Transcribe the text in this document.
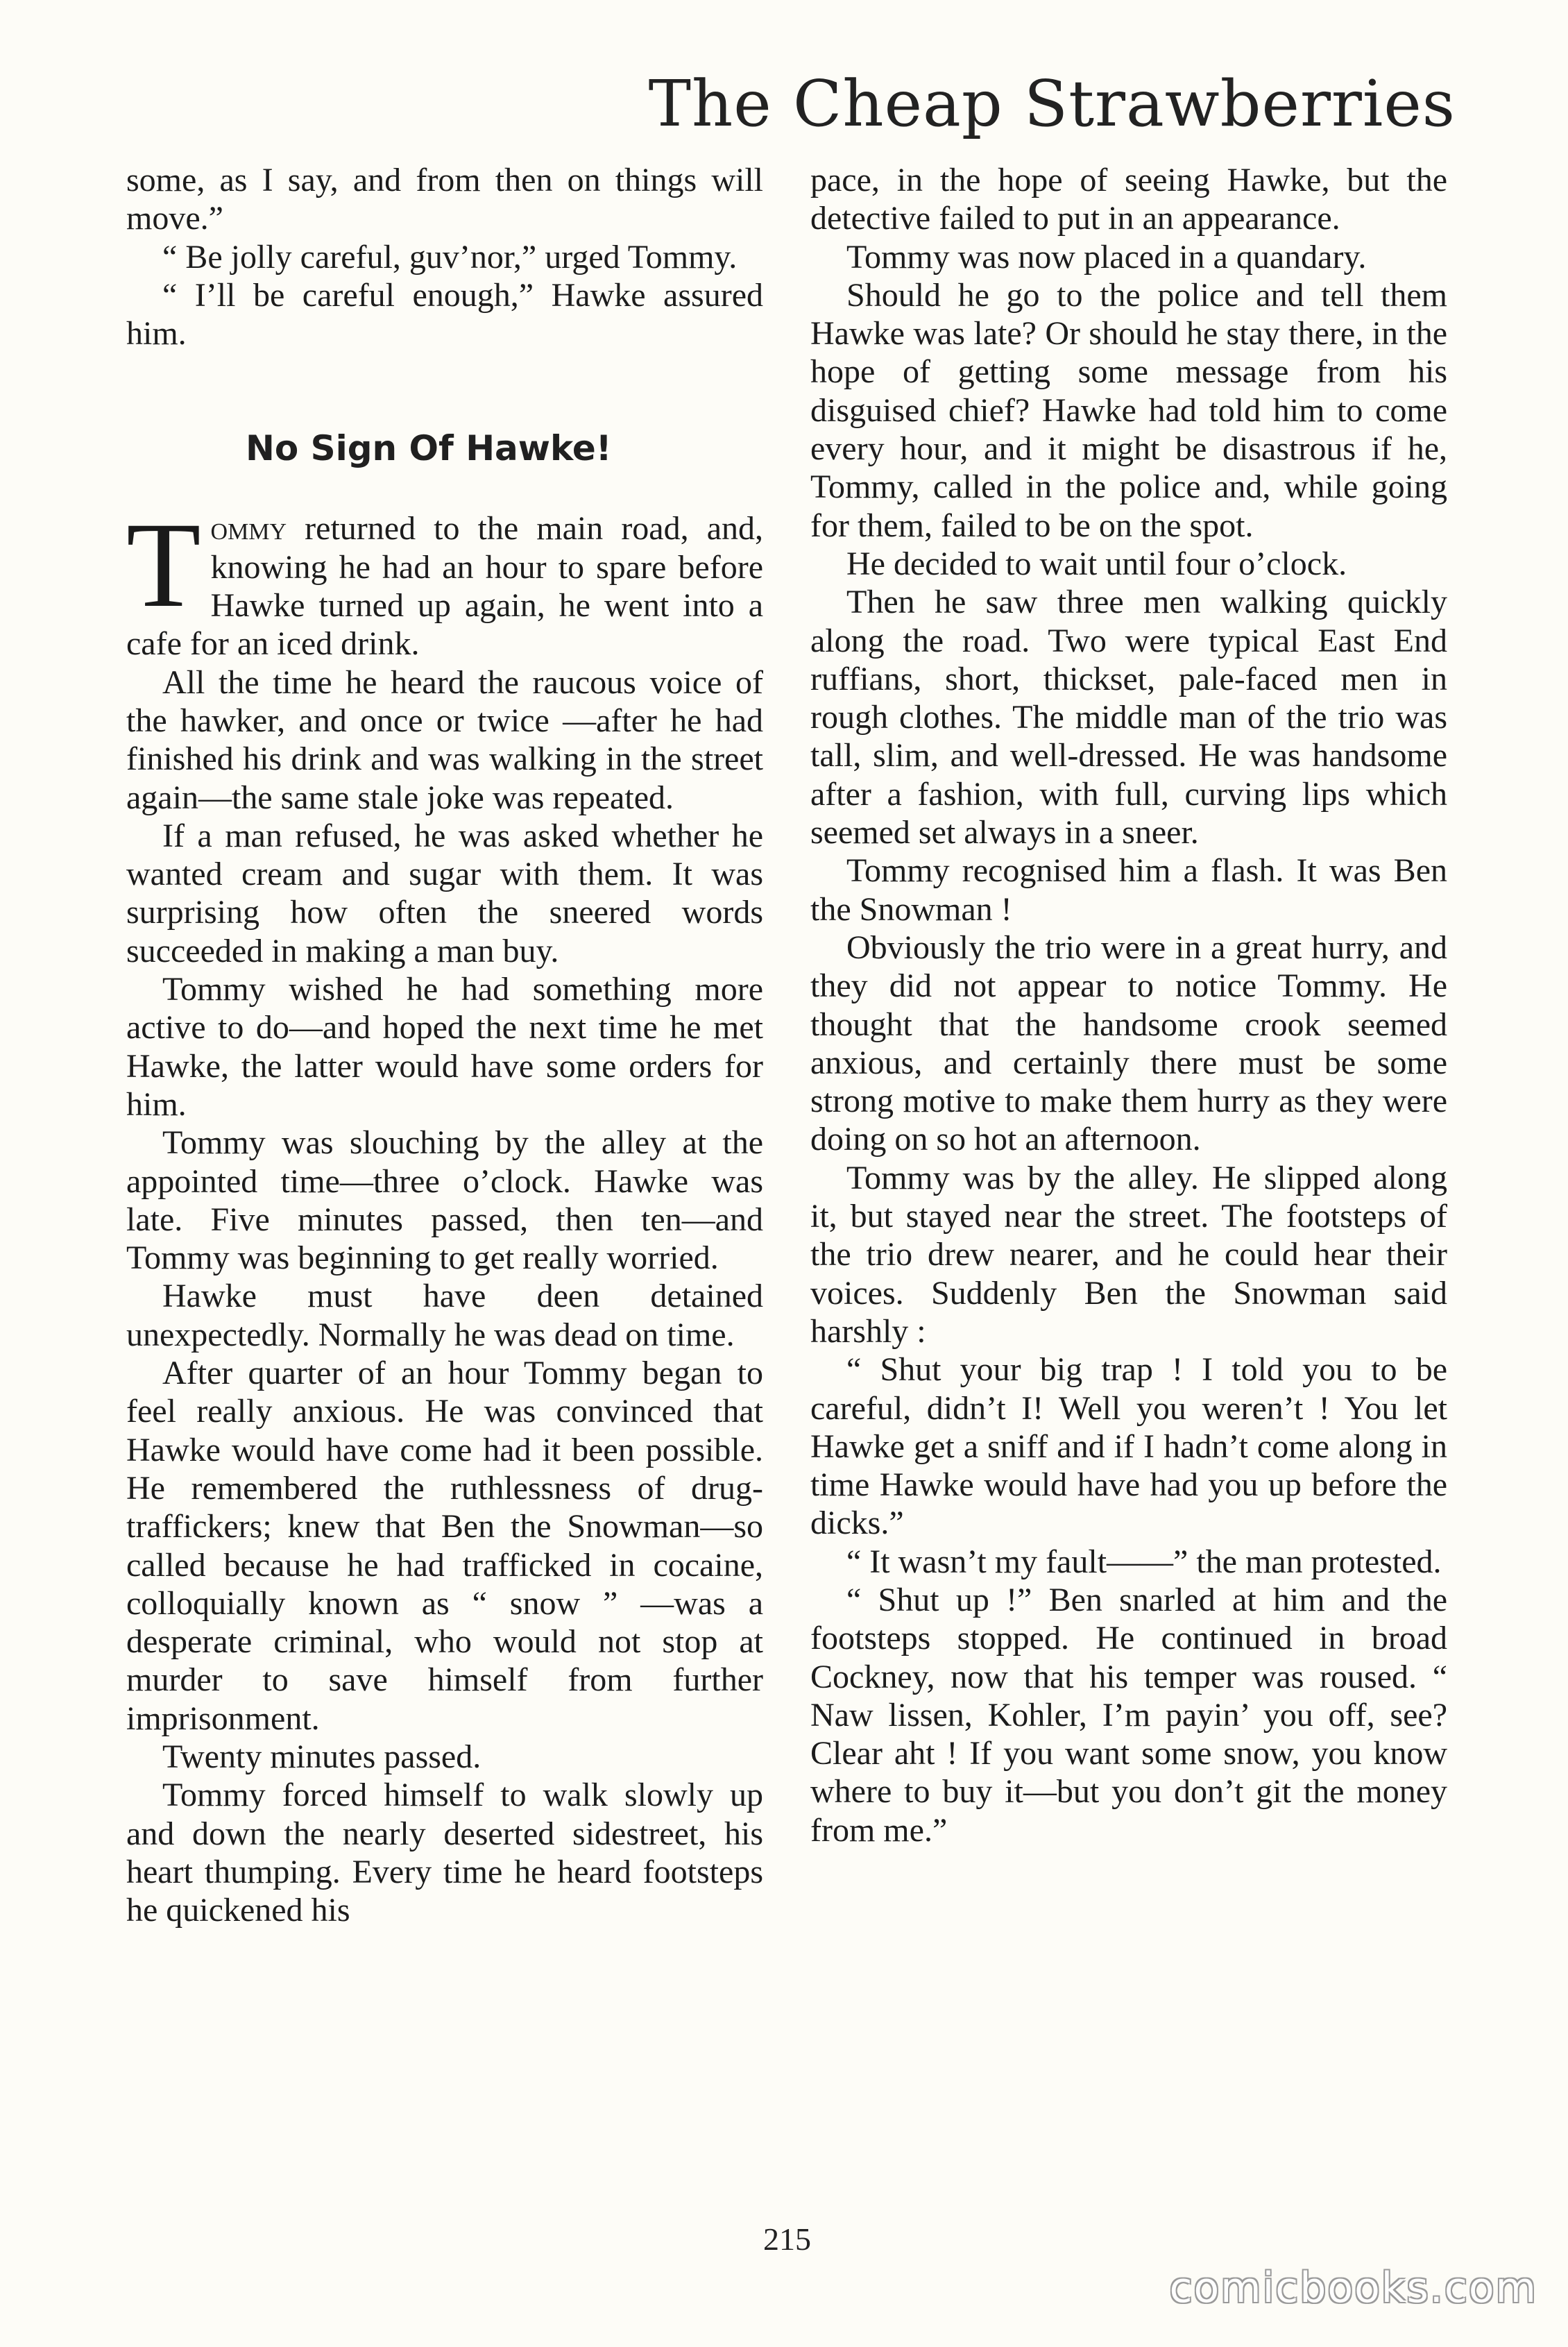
The Cheap Strawberries

some, as I say, and from then on things will move.”

“ Be jolly careful, guv’nor,” urged Tommy.

“ I’ll be careful enough,” Hawke assured him.

No Sign Of Hawke!

Tommy returned to the main road, and, knowing he had an hour to spare before Hawke turned up again, he went into a cafe for an iced drink.

All the time he heard the raucous voice of the hawker, and once or twice —after he had finished his drink and was walking in the street again—the same stale joke was repeated.

If a man refused, he was asked whether he wanted cream and sugar with them. It was surprising how often the sneered words succeeded in making a man buy.

Tommy wished he had something more active to do—and hoped the next time he met Hawke, the latter would have some orders for him.

Tommy was slouching by the alley at the appointed time—three o’clock. Hawke was late. Five minutes passed, then ten—and Tommy was beginning to get really worried.

Hawke must have deen detained unexpectedly. Normally he was dead on time.

After quarter of an hour Tommy began to feel really anxious. He was convinced that Hawke would have come had it been possible. He remembered the ruthlessness of drug-traffickers; knew that Ben the Snowman—so called because he had trafficked in cocaine, colloquially known as “ snow ” —was a desperate criminal, who would not stop at murder to save himself from further imprisonment.

Twenty minutes passed.

Tommy forced himself to walk slowly up and down the nearly deserted sidestreet, his heart thumping. Every time he heard footsteps he quickened his

pace, in the hope of seeing Hawke, but the detective failed to put in an appearance.

Tommy was now placed in a quandary.

Should he go to the police and tell them Hawke was late? Or should he stay there, in the hope of getting some message from his disguised chief? Hawke had told him to come every hour, and it might be disastrous if he, Tommy, called in the police and, while going for them, failed to be on the spot.

He decided to wait until four o’clock.

Then he saw three men walking quickly along the road. Two were typical East End ruffians, short, thickset, pale-faced men in rough clothes. The middle man of the trio was tall, slim, and well-dressed. He was handsome after a fashion, with full, curving lips which seemed set always in a sneer.

Tommy recognised him a flash. It was Ben the Snowman !

Obviously the trio were in a great hurry, and they did not appear to notice Tommy. He thought that the handsome crook seemed anxious, and certainly there must be some strong motive to make them hurry as they were doing on so hot an afternoon.

Tommy was by the alley. He slipped along it, but stayed near the street. The footsteps of the trio drew nearer, and he could hear their voices. Suddenly Ben the Snowman said harshly :

“ Shut your big trap ! I told you to be careful, didn’t I! Well you weren’t ! You let Hawke get a sniff and if I hadn’t come along in time Hawke would have had you up before the dicks.”

“ It wasn’t my fault——” the man protested.

“ Shut up !” Ben snarled at him and the footsteps stopped. He continued in broad Cockney, now that his temper was roused. “ Naw lissen, Kohler, I’m payin’ you off, see? Clear aht ! If you want some snow, you know where to buy it—but you don’t git the money from me.”

215
comicbooks.com
